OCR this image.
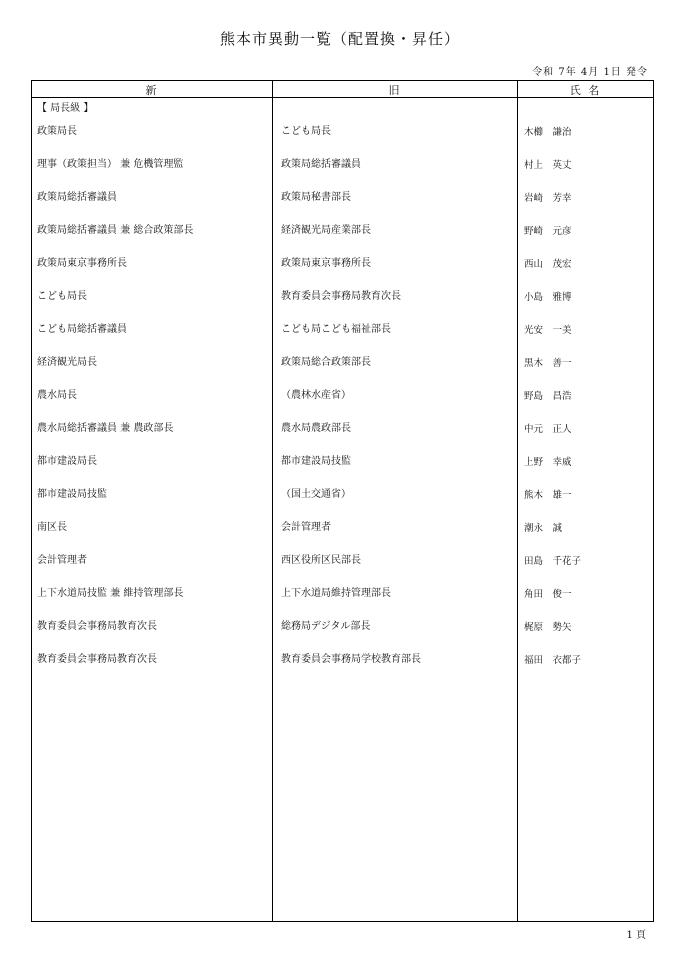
熊本市異動一覧（配置換・昇任）
令和 7年 4月 1日 発令
新	旧	氏 名
【 局長級 】
政策局長	こども局長	木櫛　謙治
理事（政策担当） 兼 危機管理監	政策局総括審議員	村上　英丈
政策局総括審議員	政策局秘書部長	岩崎　芳幸
政策局総括審議員 兼 総合政策部長	経済観光局産業部長	野崎　元彦
政策局東京事務所長	政策局東京事務所長	西山　茂宏
こども局長	教育委員会事務局教育次長	小島　雅博
こども局総括審議員	こども局こども福祉部長	光安　一美
経済観光局長	政策局総合政策部長	黒木　善一
農水局長	（農林水産省）	野島　昌浩
農水局総括審議員 兼 農政部長	農水局農政部長	中元　正人
都市建設局長	都市建設局技監	上野　幸威
都市建設局技監	（国土交通省）	熊木　雄一
南区長	会計管理者	潮永　誠
会計管理者	西区役所区民部長	田島　千花子
上下水道局技監 兼 維持管理部長	上下水道局維持管理部長	角田　俊一
教育委員会事務局教育次長	総務局デジタル部長	梶原　勢矢
教育委員会事務局教育次長	教育委員会事務局学校教育部長	福田　衣都子
1 頁
